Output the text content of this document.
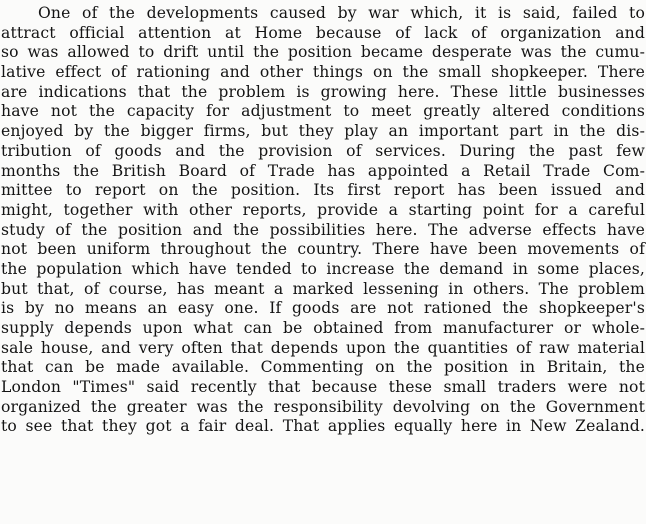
One of the developments caused by war which, it is said, failed to
attract official attention at Home because of lack of organization and
so was allowed to drift until the position became desperate was the cumu-
lative effect of rationing and other things on the small shopkeeper. There
are indications that the problem is growing here. These little businesses
have not the capacity for adjustment to meet greatly altered conditions
enjoyed by the bigger firms, but they play an important part in the dis-
tribution of goods and the provision of services. During the past few
months the British Board of Trade has appointed a Retail Trade Com-
mittee to report on the position. Its first report has been issued and
might, together with other reports, provide a starting point for a careful
study of the position and the possibilities here. The adverse effects have
not been uniform throughout the country. There have been movements of
the population which have tended to increase the demand in some places,
but that, of course, has meant a marked lessening in others. The problem
is by no means an easy one. If goods are not rationed the shopkeeper's
supply depends upon what can be obtained from manufacturer or whole-
sale house, and very often that depends upon the quantities of raw material
that can be made available. Commenting on the position in Britain, the
London "Times" said recently that because these small traders were not
organized the greater was the responsibility devolving on the Government
to see that they got a fair deal. That applies equally here in New Zealand.
